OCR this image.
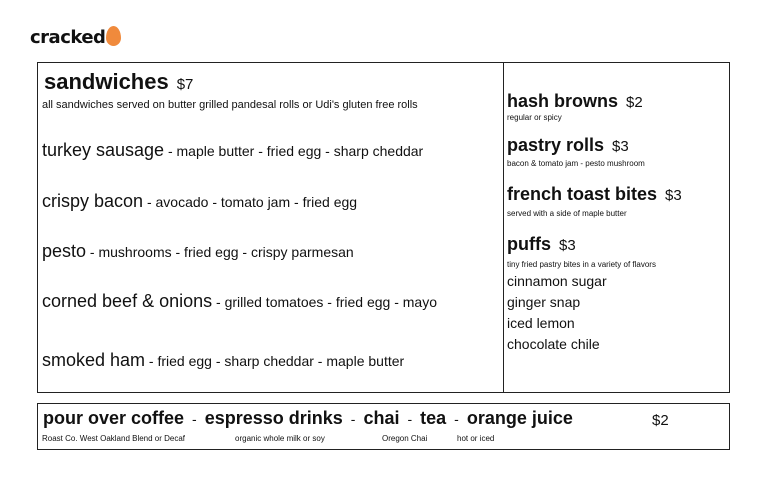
cracked
sandwiches $7
all sandwiches served on butter grilled pandesal rolls or Udi's gluten free rolls
turkey sausage - maple butter - fried egg - sharp cheddar
crispy bacon - avocado - tomato jam - fried egg
pesto - mushrooms - fried egg - crispy parmesan
corned beef & onions - grilled tomatoes - fried egg - mayo
smoked ham - fried egg - sharp cheddar - maple butter
hash browns $2
regular or spicy
pastry rolls $3
bacon & tomato jam - pesto mushroom
french toast bites $3
served with a side of maple butter
puffs $3
tiny fried pastry bites in a variety of flavors
cinnamon sugar
ginger snap
iced lemon
chocolate chile
pour over coffee - espresso drinks - chai - tea - orange juice	$2
Roast Co. West Oakland Blend or Decaf	organic whole milk or soy	Oregon Chai	hot or iced
